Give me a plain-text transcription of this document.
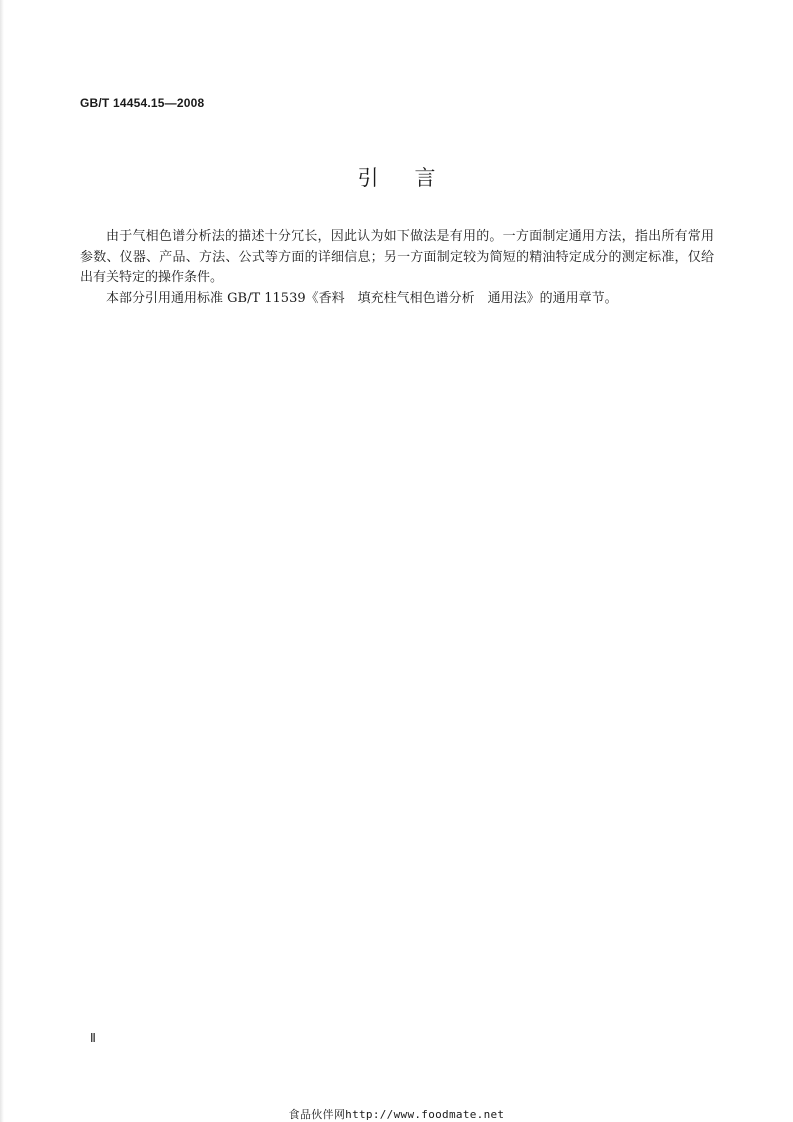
GB/T 14454.15—2008
引言

由于气相色谱分析法的描述十分冗长，因此认为如下做法是有用的。一方面制定通用方法，指出所有常用参数、仪器、产品、方法、公式等方面的详细信息；另一方面制定较为简短的精油特定成分的测定标准，仅给出有关特定的操作条件。

本部分引用通用标准 GB/T 11539《香料　填充柱气相色谱分析　通用法》的通用章节。

Ⅱ
食品伙伴网http://www.foodmate.net
